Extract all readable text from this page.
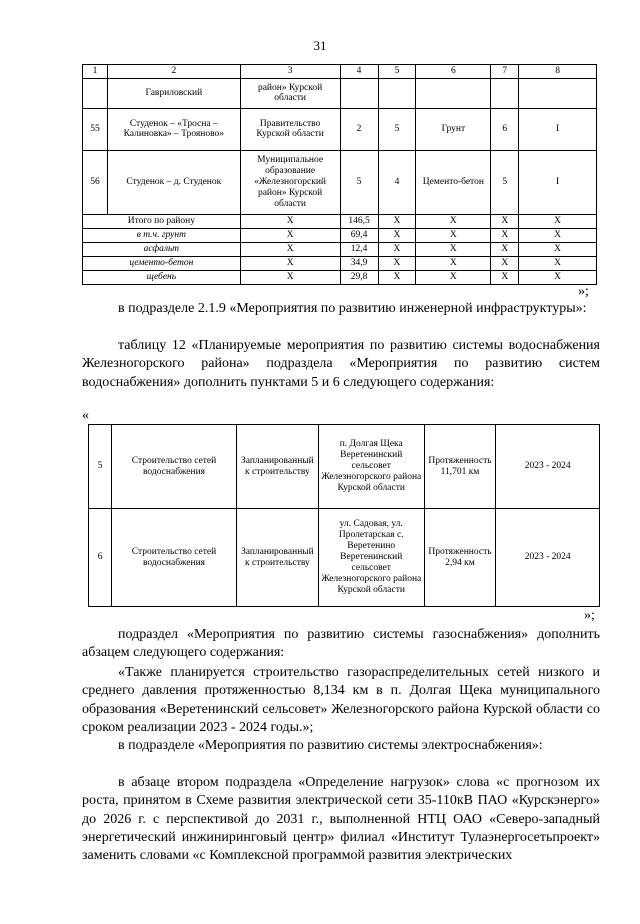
31
1	2	3	4	5	6	7	8
	Гавриловский	район» Курской области					
55	Студенок – «Тросна – Калиновка» – Трояново»	Правительство Курской области	2	5	Грунт	6	I
56	Студенок – д. Студенок	Муниципальное образование «Железногорский район» Курской области	5	4	Цементо-бетон	5	I
Итого по району		Х	146,5	Х	Х	Х	Х
в т.ч. грунт		Х	69,4	Х	Х	Х	Х
асфальт		Х	12,4	Х	Х	Х	Х
цементо-бетон		Х	34,9	Х	Х	Х	Х
щебень		Х	29,8	Х	Х	Х	Х
»;
в подразделе 2.1.9 «Мероприятия по развитию инженерной инфраструктуры»:
таблицу 12 «Планируемые мероприятия по развитию системы водоснабжения Железногорского района» подраздела «Мероприятия по развитию систем водоснабжения» дополнить пунктами 5 и 6 следующего содержания:
«
5	Строительство сетей водоснабжения	Запланированный к строительству	п. Долгая Щека Веретенинский сельсовет Железногорского района Курской области	Протяженность 11,701 км	2023 - 2024
6	Строительство сетей водоснабжения	Запланированный к строительству	ул. Садовая, ул. Пролетарская с. Веретенино Веретенинский сельсовет Железногорского района Курской области	Протяженность 2,94 км	2023 - 2024
»;
подраздел «Мероприятия по развитию системы газоснабжения» дополнить абзацем следующего содержания:
«Также планируется строительство газораспределительных сетей низкого и среднего давления протяженностью 8,134 км в п. Долгая Щека муниципального образования «Веретенинский сельсовет» Железногорского района Курской области со сроком реализации 2023 - 2024 годы.»;
в подразделе «Мероприятия по развитию системы электроснабжения»:
в абзаце втором подраздела «Определение нагрузок» слова «с прогнозом их роста, принятом в Схеме развития электрической сети 35-110кВ ПАО «Курскэнерго» до 2026 г. с перспективой до 2031 г., выполненной НТЦ ОАО «Северо-западный энергетический инжиниринговый центр» филиал «Институт Тулаэнергосетьпроект» заменить словами «с Комплексной программой развития электрических
